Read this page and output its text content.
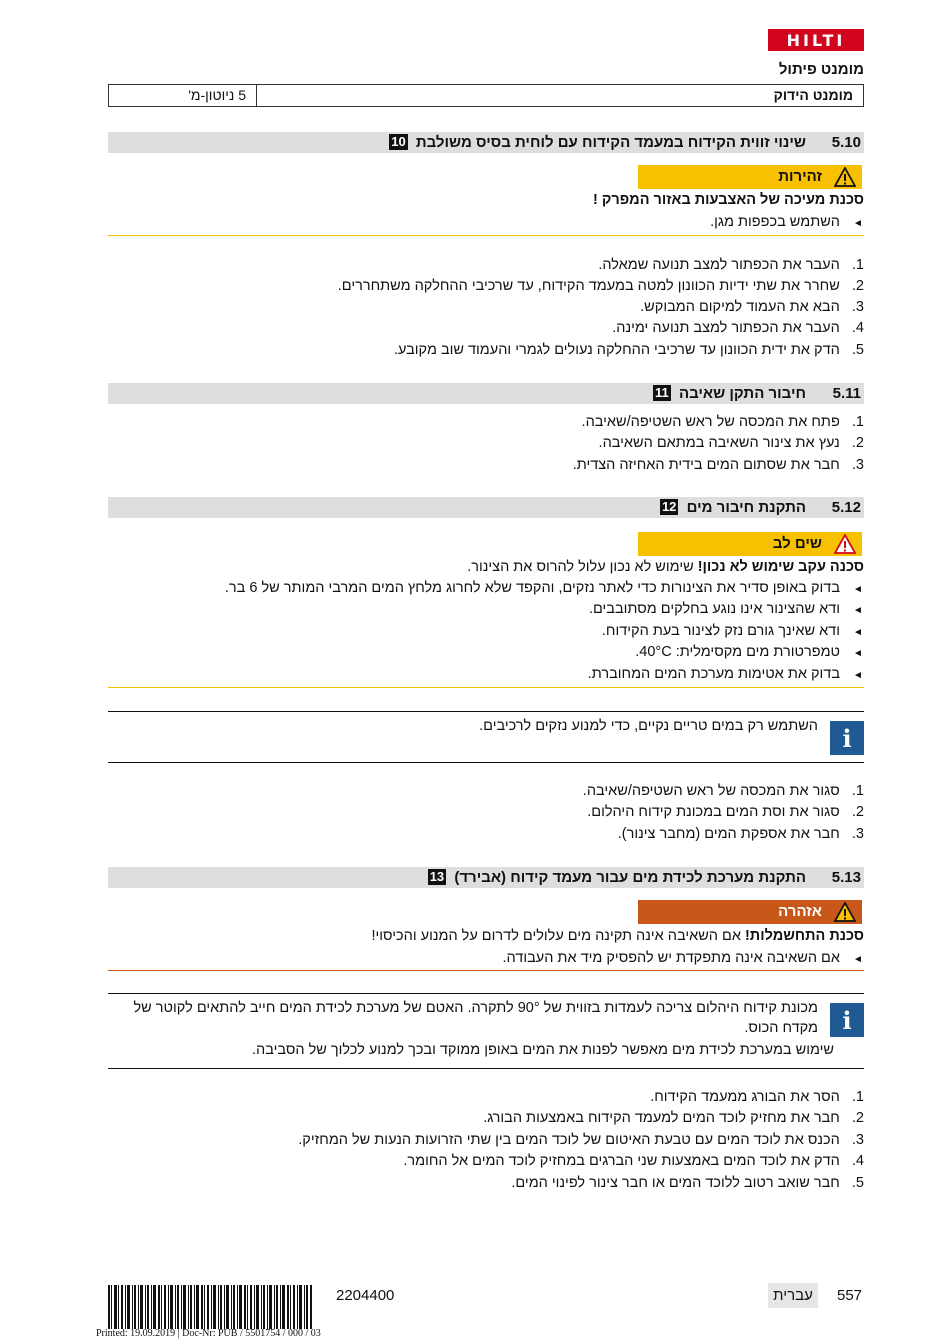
HILTI
מומנט פיתול
מומנט הידוק
5 ניוטון-מ'
5.10
שינוי זווית הקידוח במעמד הקידוח עם לוחית בסיס משולבת 10
זהירות
סכנת מעיכה של האצבעות באזור המפרק !
◄
השתמש בכפפות מגן.
1.   העבר את הכפתור למצב תנועה שמאלה.
2.   שחרר את שתי ידיות הכוונון למטה במעמד הקידוח, עד שרכיבי ההחלקה משתחררים.
3.   הבא את העמוד למיקום המבוקש.
4.   העבר את הכפתור למצב תנועה ימינה.
5.   הדק את ידית הכוונון עד שרכיבי ההחלקה נעולים לגמרי והעמוד שוב מקובע.
5.11
חיבור התקן שאיבה 11
1.   פתח את המכסה של ראש השטיפה/שאיבה.
2.   נעץ את צינור השאיבה במתאם השאיבה.
3.   חבר את שסתום המים בידית האחיזה הצדית.
5.12
התקנת חיבור מים 12
שים לב
סכנה עקב שימוש לא נכון! שימוש לא נכון עלול להרוס את הצינור.
◄
בדוק באופן סדיר את הצינורות כדי לאתר נזקים, והקפד שלא לחרוג מלחץ המים המרבי המותר של 6 בר.
◄
ודא שהצינור אינו נוגע בחלקים מסתובבים.
◄
ודא שאינך גורם נזק לצינור בעת הקידוח.
◄
טמפרטורת מים מקסימלית: 40°C.
◄
בדוק את אטימות מערכת המים המחוברת.
i
השתמש רק במים טריים נקיים, כדי למנוע נזקים לרכיבים.
1.   סגור את המכסה של ראש השטיפה/שאיבה.
2.   סגור את וסת המים במכונת קידוח היהלום.
3.   חבר את אספקת המים (מחבר צינור).
5.13
התקנת מערכת לכידת מים עבור מעמד קידוח (אבירד) 13
אזהרה
סכנת התחשמלות! אם השאיבה אינה תקינה מים עלולים לדרום על המנוע והכיסוי!
◄
אם השאיבה אינה מתפקדת יש להפסיק מיד את העבודה.
i
מכונת קידוח היהלום צריכה לעמדות בזווית של 90° לתקרה. האטם של מערכת לכידת המים חייב להתאים לקוטר של
מקדח הכוס.
שימוש במערכת לכידת מים מאפשר לפנות את המים באופן ממוקד ובכך למנוע לכלוך של הסביבה.
1.   הסר את הבורג ממעמד הקידוח.
2.   חבר את מחזיק לוכד המים למעמד הקידוח באמצעות הבורג.
3.   הכנס את לוכד המים עם טבעת האיטום של לוכד המים בין שתי הזרועות הנעות של המחזיק.
4.   הדק את לוכד המים באמצעות שני הברגים במחזיק לוכד המים אל החומר.
5.   חבר שואב רטוב ללוכד המים או חבר צינור לפינוי המים.
557
עברית
2204400
Printed: 19.09.2019 | Doc-Nr: PUB / 5501754 / 000 / 03
